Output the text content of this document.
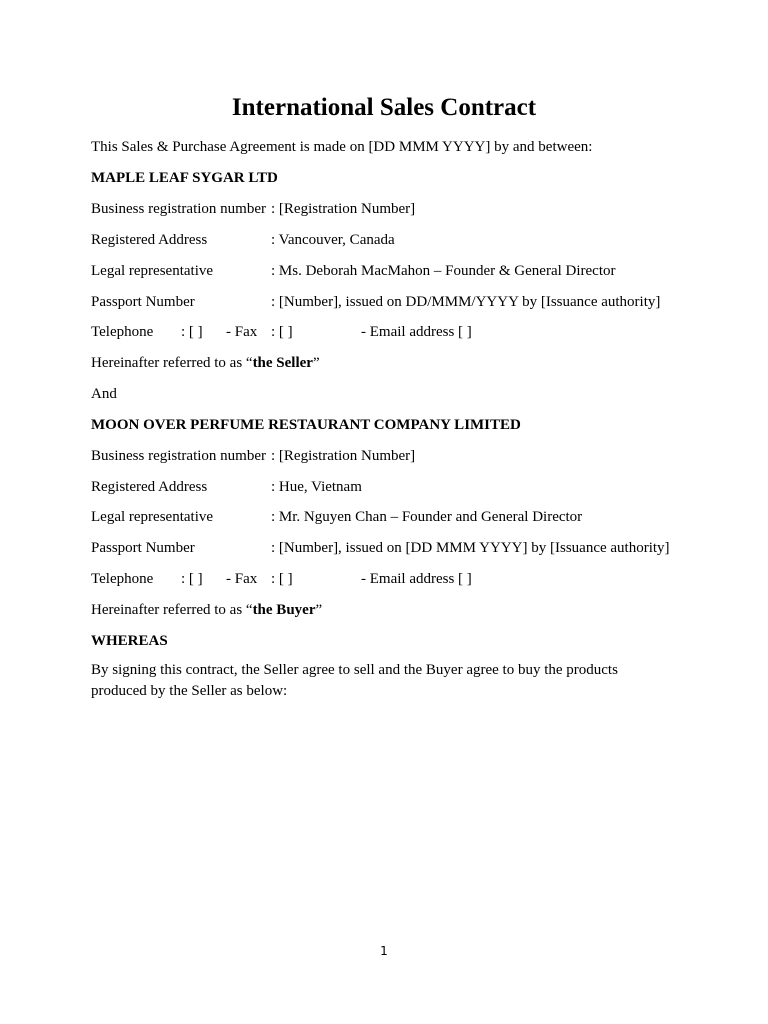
International Sales Contract

This Sales & Purchase Agreement is made on [DD MMM YYYY] by and between:

MAPLE LEAF SYGAR LTD

Business registration number : [Registration Number]
Registered Address	: Vancouver, Canada
Legal representative	: Ms. Deborah MacMahon – Founder & General Director
Passport Number	: [Number], issued on DD/MMM/YYYY by [Issuance authority]
Telephone : [ ] - Fax : [ ]	- Email address [ ]

Hereinafter referred to as “the Seller”

And

MOON OVER PERFUME RESTAURANT COMPANY LIMITED

Business registration number : [Registration Number]
Registered Address	: Hue, Vietnam
Legal representative	: Mr. Nguyen Chan – Founder and General Director
Passport Number	: [Number], issued on [DD MMM YYYY] by [Issuance authority]
Telephone : [ ] - Fax : [ ]	- Email address [ ]

Hereinafter referred to as “the Buyer”

WHEREAS

By signing this contract, the Seller agree to sell and the Buyer agree to buy the products produced by the Seller as below:

1
